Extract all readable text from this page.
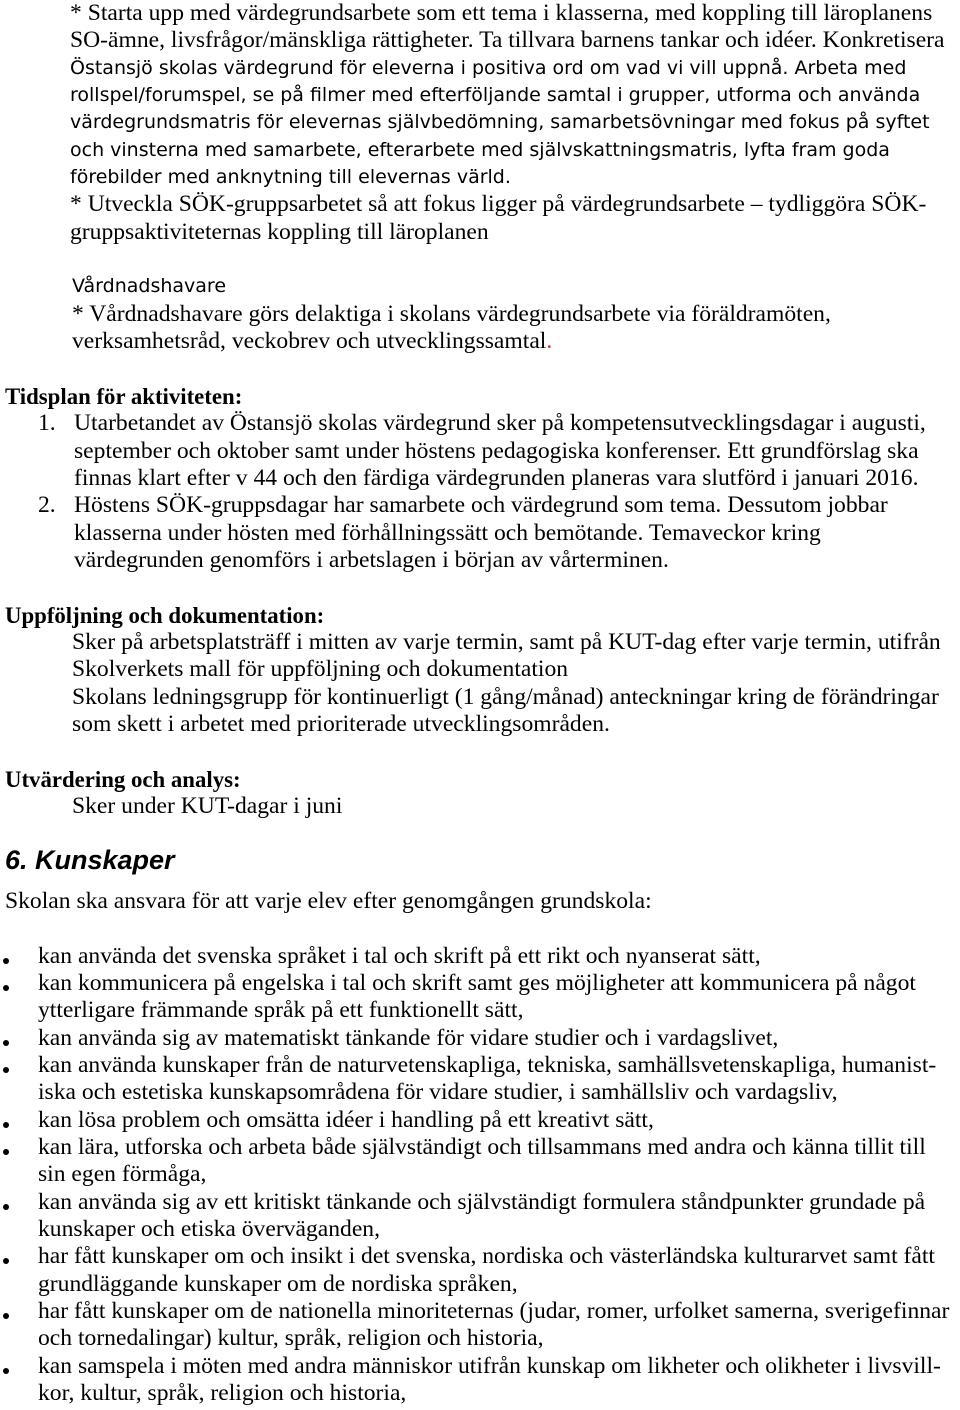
* Starta upp med värdegrundsarbete som ett tema i klasserna, med koppling till läroplanens
SO-ämne, livsfrågor/mänskliga rättigheter. Ta tillvara barnens tankar och idéer. Konkretisera
Östansjö skolas värdegrund för eleverna i positiva ord om vad vi vill uppnå. Arbeta med
rollspel/forumspel, se på filmer med efterföljande samtal i grupper, utforma och använda
värdegrundsmatris för elevernas självbedömning, samarbetsövningar med fokus på syftet
och vinsterna med samarbete, efterarbete med självskattningsmatris, lyfta fram goda
förebilder med anknytning till elevernas värld.
* Utveckla SÖK-gruppsarbetet så att fokus ligger på värdegrundsarbete – tydliggöra SÖK-
gruppsaktiviteternas koppling till läroplanen
Vårdnadshavare
* Vårdnadshavare görs delaktiga i skolans värdegrundsarbete via föräldramöten,
verksamhetsråd, veckobrev och utvecklingssamtal.
Tidsplan för aktiviteten:
1. Utarbetandet av Östansjö skolas värdegrund sker på kompetensutvecklingsdagar i augusti,
september och oktober samt under höstens pedagogiska konferenser. Ett grundförslag ska
finnas klart efter v 44 och den färdiga värdegrunden planeras vara slutförd i januari 2016.
2. Höstens SÖK-gruppsdagar har samarbete och värdegrund som tema. Dessutom jobbar
klasserna under hösten med förhållningssätt och bemötande. Temaveckor kring
värdegrunden genomförs i arbetslagen i början av vårterminen.
Uppföljning och dokumentation:
Sker på arbetsplatsträff i mitten av varje termin, samt på KUT-dag efter varje termin, utifrån
Skolverkets mall för uppföljning och dokumentation
Skolans ledningsgrupp för kontinuerligt (1 gång/månad) anteckningar kring de förändringar
som skett i arbetet med prioriterade utvecklingsområden.
Utvärdering och analys:
Sker under KUT-dagar i juni
6. Kunskaper
Skolan ska ansvara för att varje elev efter genomgången grundskola:
kan använda det svenska språket i tal och skrift på ett rikt och nyanserat sätt,
kan kommunicera på engelska i tal och skrift samt ges möjligheter att kommunicera på något
ytterligare främmande språk på ett funktionellt sätt,
kan använda sig av matematiskt tänkande för vidare studier och i vardagslivet,
kan använda kunskaper från de naturvetenskapliga, tekniska, samhällsvetenskapliga, humanist-
iska och estetiska kunskapsområdena för vidare studier, i samhällsliv och vardagsliv,
kan lösa problem och omsätta idéer i handling på ett kreativt sätt,
kan lära, utforska och arbeta både självständigt och tillsammans med andra och känna tillit till
sin egen förmåga,
kan använda sig av ett kritiskt tänkande och självständigt formulera ståndpunkter grundade på
kunskaper och etiska överväganden,
har fått kunskaper om och insikt i det svenska, nordiska och västerländska kulturarvet samt fått
grundläggande kunskaper om de nordiska språken,
har fått kunskaper om de nationella minoriteternas (judar, romer, urfolket samerna, sverigefinnar
och tornedalingar) kultur, språk, religion och historia,
kan samspela i möten med andra människor utifrån kunskap om likheter och olikheter i livsvill-
kor, kultur, språk, religion och historia,
